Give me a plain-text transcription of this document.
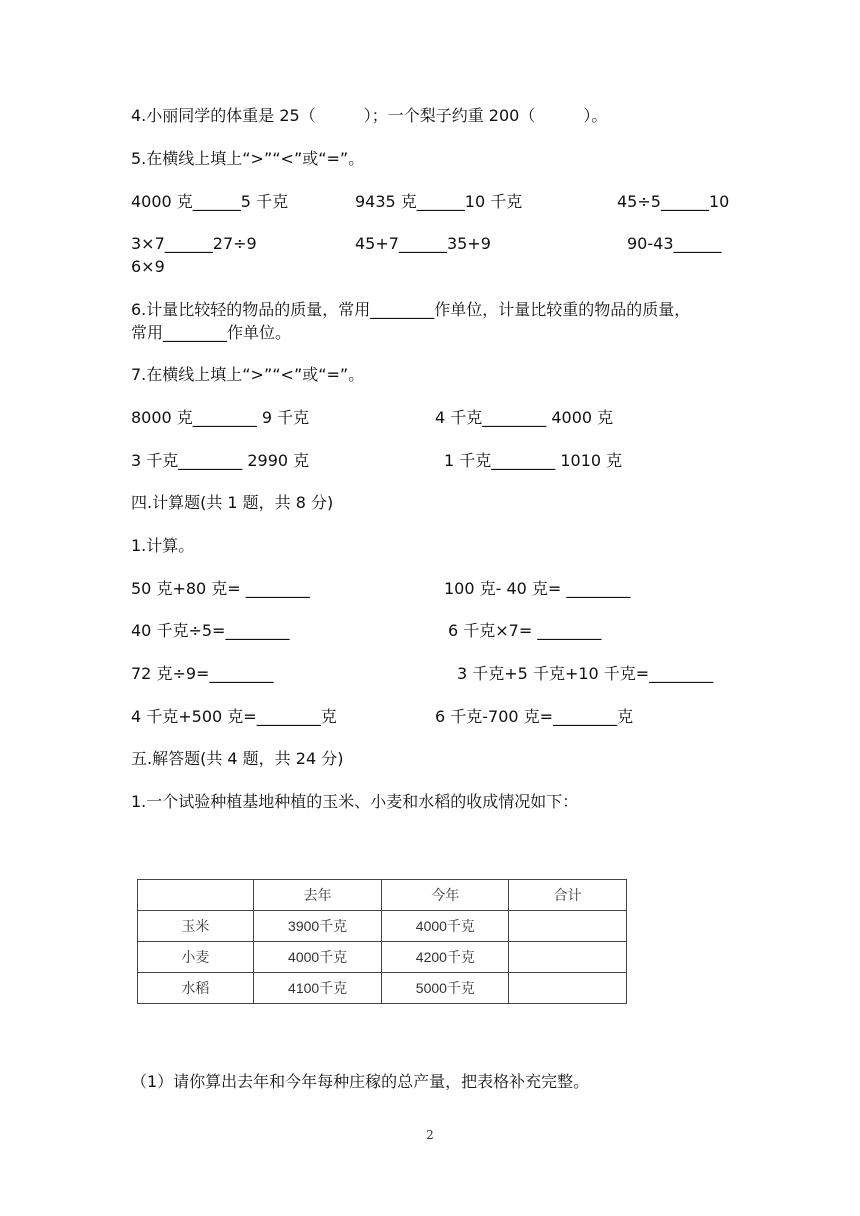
4.小丽同学的体重是 25（　　　）；一个梨子约重 200（　　　）。
5.在横线上填上“>”“<”或“=”。
4000 克______5 千克	9435 克______10 千克	45÷5______10
3×7______27÷9	45+7______35+9	90-43______
6×9
6.计量比较轻的物品的质量，常用________作单位，计量比较重的物品的质量，
常用________作单位。
7.在横线上填上“>”“<”或“=”。
8000 克________ 9 千克	4 千克________ 4000 克
3 千克________ 2990 克	1 千克________ 1010 克
四.计算题(共 1 题，共 8 分)
1.计算。
50 克+80 克= ________	100 克- 40 克= ________
40 千克÷5=________	6 千克×7= ________
72 克÷9=________	3 千克+5 千克+10 千克=________
4 千克+500 克=________克	6 千克-700 克=________克
五.解答题(共 4 题，共 24 分)
1.一个试验种植基地种植的玉米、小麦和水稻的收成情况如下：
	去年	今年	合计
玉米	3900千克	4000千克	
小麦	4000千克	4200千克	
水稻	4100千克	5000千克	
（1）请你算出去年和今年每种庄稼的总产量，把表格补充完整。
2
